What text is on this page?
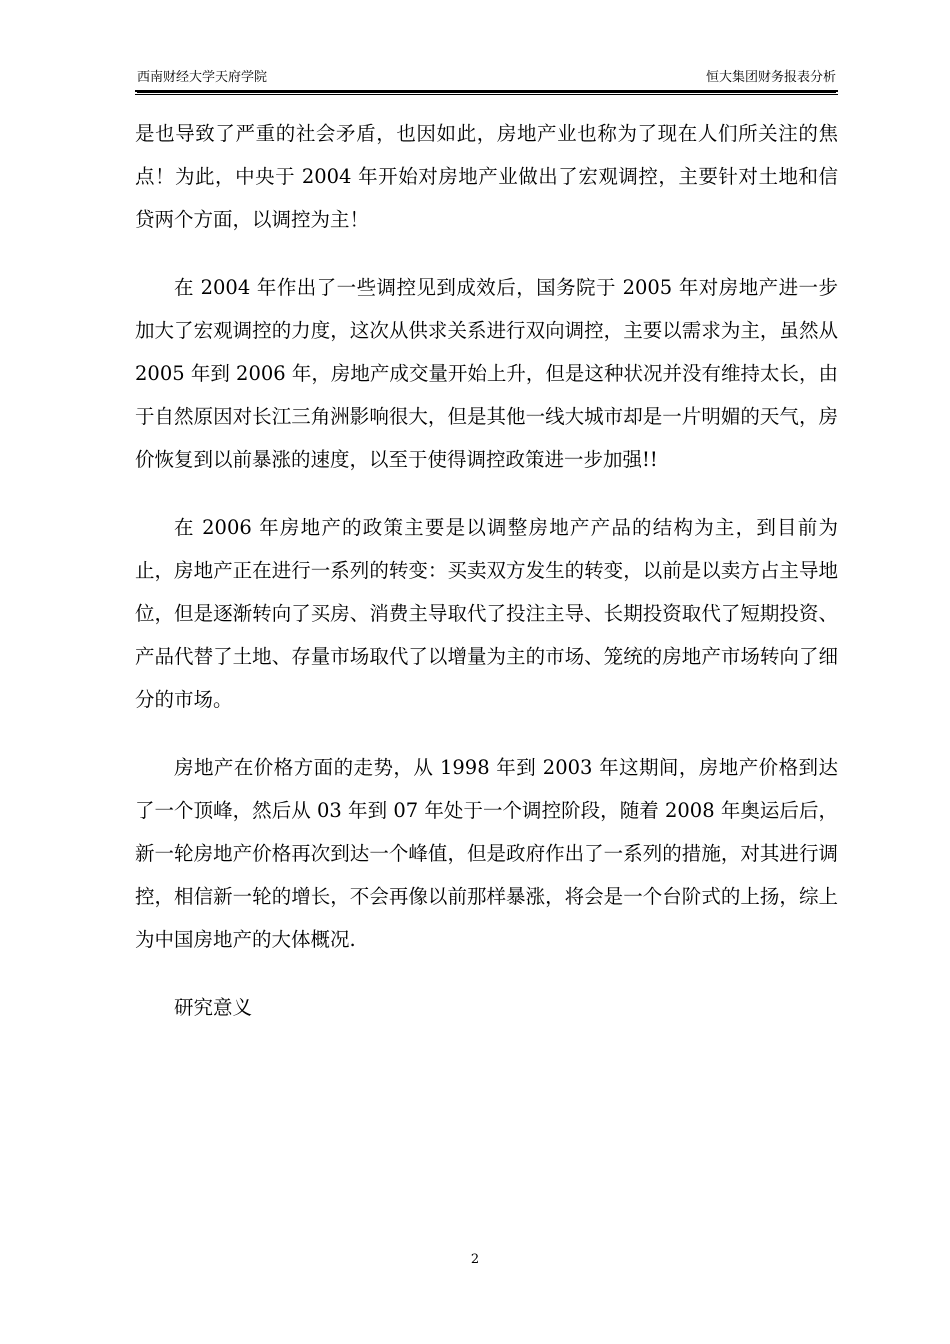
西南财经大学天府学院	恒大集团财务报表分析

是也导致了严重的社会矛盾，也因如此，房地产业也称为了现在人们所关注的焦点！为此，中央于 2004 年开始对房地产业做出了宏观调控，主要针对土地和信贷两个方面，以调控为主！

在 2004 年作出了一些调控见到成效后，国务院于 2005 年对房地产进一步加大了宏观调控的力度，这次从供求关系进行双向调控，主要以需求为主，虽然从 2005 年到 2006 年，房地产成交量开始上升，但是这种状况并没有维持太长，由于自然原因对长江三角洲影响很大，但是其他一线大城市却是一片明媚的天气，房价恢复到以前暴涨的速度，以至于使得调控政策进一步加强!!

在 2006 年房地产的政策主要是以调整房地产产品的结构为主，到目前为止，房地产正在进行一系列的转变：买卖双方发生的转变，以前是以卖方占主导地位，但是逐渐转向了买房、消费主导取代了投注主导、长期投资取代了短期投资、产品代替了土地、存量市场取代了以增量为主的市场、笼统的房地产市场转向了细分的市场。

房地产在价格方面的走势，从 1998 年到 2003 年这期间，房地产价格到达了一个顶峰，然后从 03 年到 07 年处于一个调控阶段，随着 2008 年奥运后后，新一轮房地产价格再次到达一个峰值，但是政府作出了一系列的措施，对其进行调控，相信新一轮的增长，不会再像以前那样暴涨，将会是一个台阶式的上扬，综上为中国房地产的大体概况.

研究意义

2
